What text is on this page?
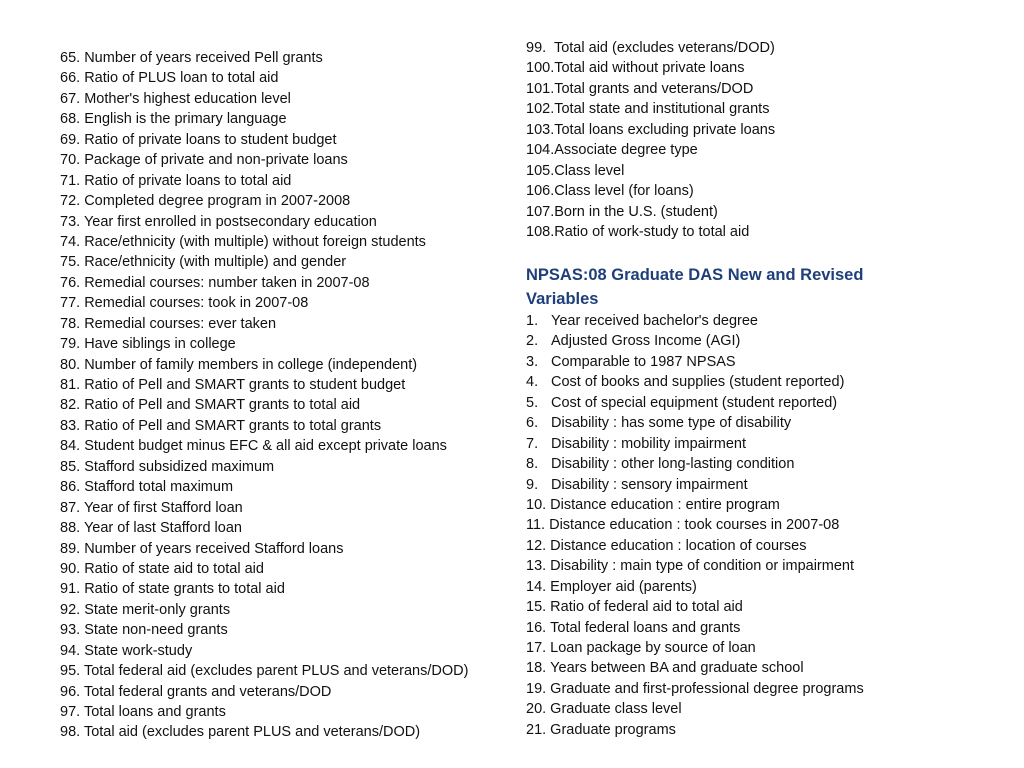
65. Number of years received Pell grants
66. Ratio of PLUS loan to total aid
67. Mother's highest education level
68. English is the primary language
69. Ratio of private loans to student budget
70. Package of private and non-private loans
71. Ratio of private loans to total aid
72. Completed degree program in 2007-2008
73. Year first enrolled in postsecondary education
74. Race/ethnicity (with multiple) without foreign students
75. Race/ethnicity (with multiple) and gender
76. Remedial courses: number taken in 2007-08
77. Remedial courses: took in 2007-08
78. Remedial courses: ever taken
79. Have siblings in college
80. Number of family members in college (independent)
81. Ratio of Pell and SMART grants to student budget
82. Ratio of Pell and SMART grants to total aid
83. Ratio of Pell and SMART grants to total grants
84. Student budget minus EFC & all aid except private loans
85. Stafford subsidized maximum
86. Stafford total maximum
87. Year of first Stafford loan
88. Year of last Stafford loan
89. Number of years received Stafford loans
90. Ratio of state aid to total aid
91. Ratio of state grants to total aid
92. State merit-only grants
93. State non-need grants
94. State work-study
95. Total federal aid (excludes parent PLUS and veterans/DOD)
96. Total federal grants and veterans/DOD
97. Total loans and grants
98. Total aid (excludes parent PLUS and veterans/DOD)
99. Total aid (excludes veterans/DOD)
100.Total aid without private loans
101.Total grants and veterans/DOD
102.Total state and institutional grants
103.Total loans excluding private loans
104.Associate degree type
105.Class level
106.Class level (for loans)
107.Born in the U.S. (student)
108.Ratio of work-study to total aid
NPSAS:08 Graduate DAS New and Revised Variables
1. Year received bachelor's degree
2. Adjusted Gross Income (AGI)
3. Comparable to 1987 NPSAS
4. Cost of books and supplies (student reported)
5. Cost of special equipment (student reported)
6. Disability : has some type of disability
7. Disability : mobility impairment
8. Disability : other long-lasting condition
9. Disability : sensory impairment
10. Distance education : entire program
11. Distance education : took courses in 2007-08
12. Distance education : location of courses
13. Disability : main type of condition or impairment
14. Employer aid (parents)
15. Ratio of federal aid to total aid
16. Total federal loans and grants
17. Loan package by source of loan
18. Years between BA and graduate school
19. Graduate and first-professional degree programs
20. Graduate class level
21. Graduate programs
